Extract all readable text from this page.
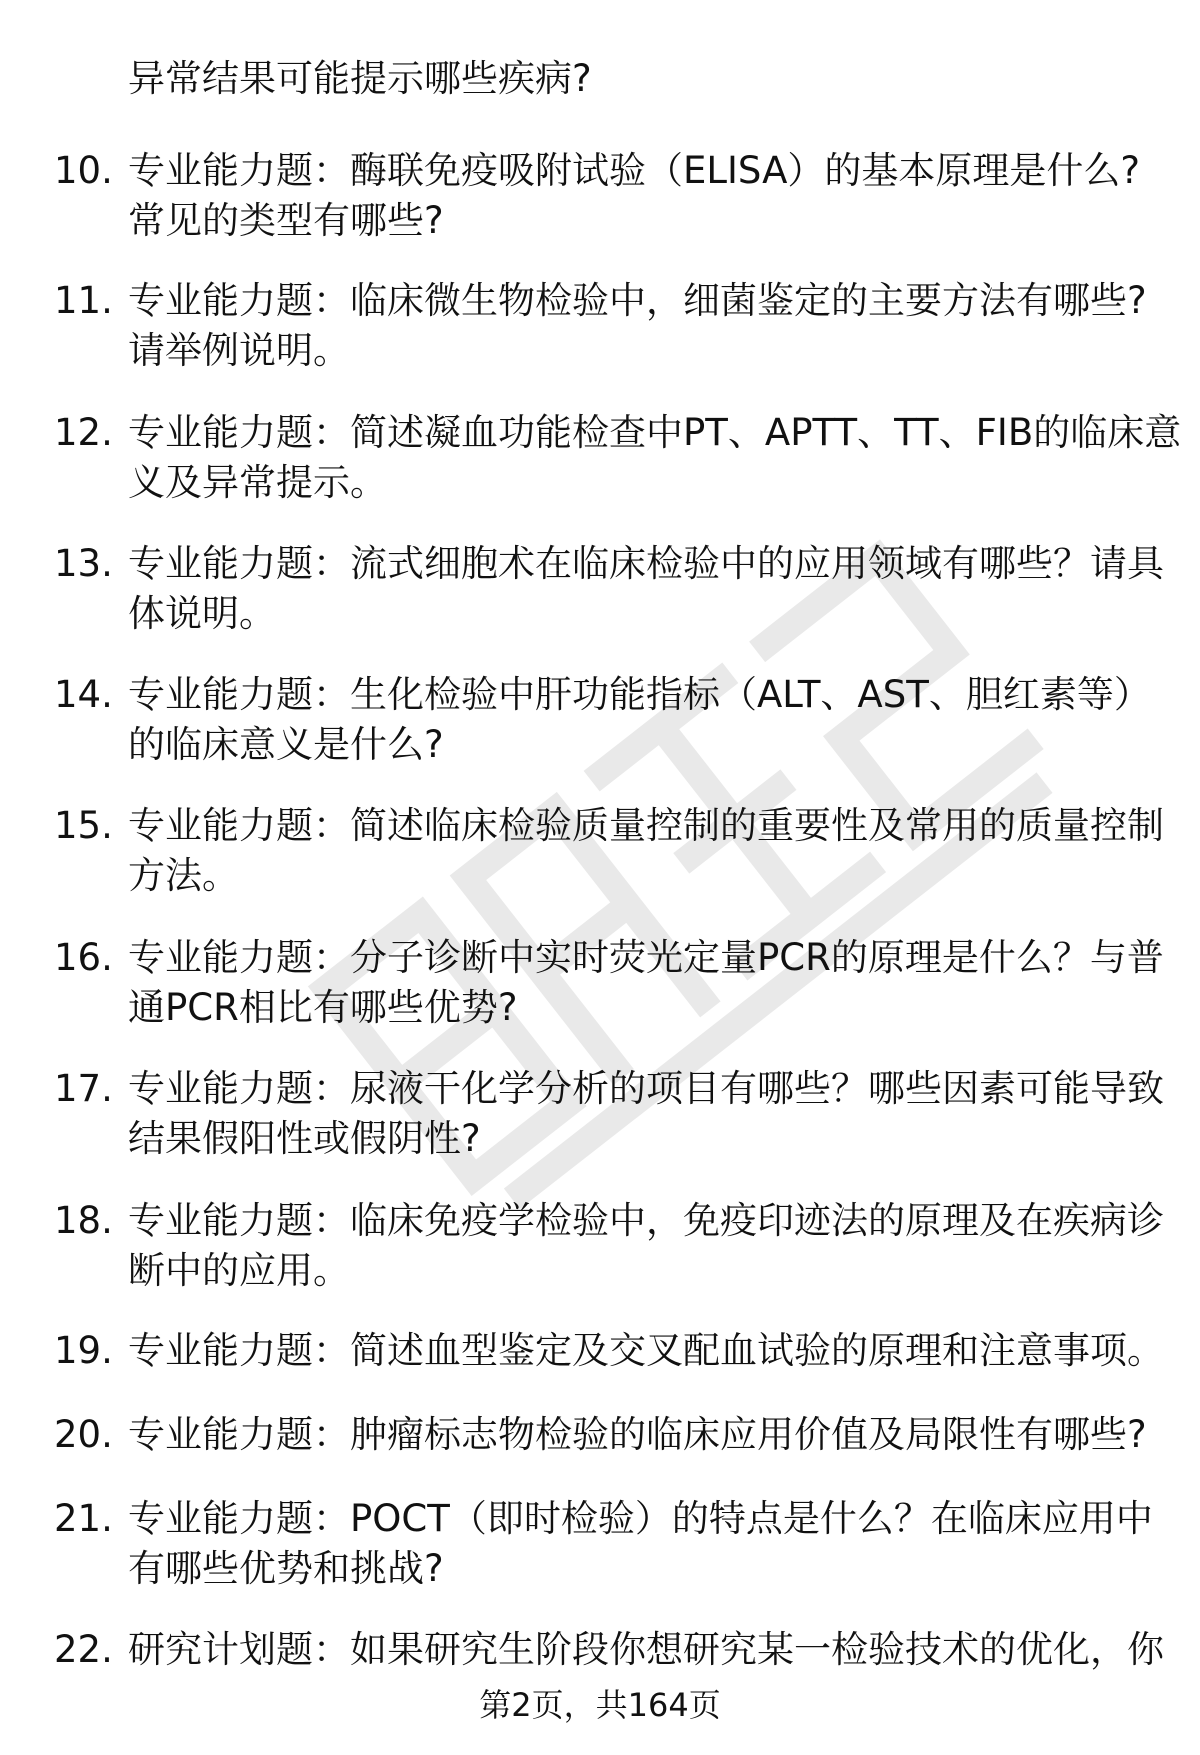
异常结果可能提示哪些疾病?
10. 专业能力题：酶联免疫吸附试验（ELISA）的基本原理是什么?
常见的类型有哪些?
11. 专业能力题：临床微生物检验中，细菌鉴定的主要方法有哪些?
请举例说明。
12. 专业能力题：简述凝血功能检查中PT、APTT、TT、FIB的临床意
义及异常提示。
13. 专业能力题：流式细胞术在临床检验中的应用领域有哪些？请具
体说明。
14. 专业能力题：生化检验中肝功能指标（ALT、AST、胆红素等）
的临床意义是什么?
15. 专业能力题：简述临床检验质量控制的重要性及常用的质量控制
方法。
16. 专业能力题：分子诊断中实时荧光定量PCR的原理是什么？与普
通PCR相比有哪些优势?
17. 专业能力题：尿液干化学分析的项目有哪些？哪些因素可能导致
结果假阳性或假阴性?
18. 专业能力题：临床免疫学检验中，免疫印迹法的原理及在疾病诊
断中的应用。
19. 专业能力题：简述血型鉴定及交叉配血试验的原理和注意事项。
20. 专业能力题：肿瘤标志物检验的临床应用价值及局限性有哪些?
21. 专业能力题：POCT（即时检验）的特点是什么？在临床应用中
有哪些优势和挑战?
22. 研究计划题：如果研究生阶段你想研究某一检验技术的优化，你
第2页，共164页
